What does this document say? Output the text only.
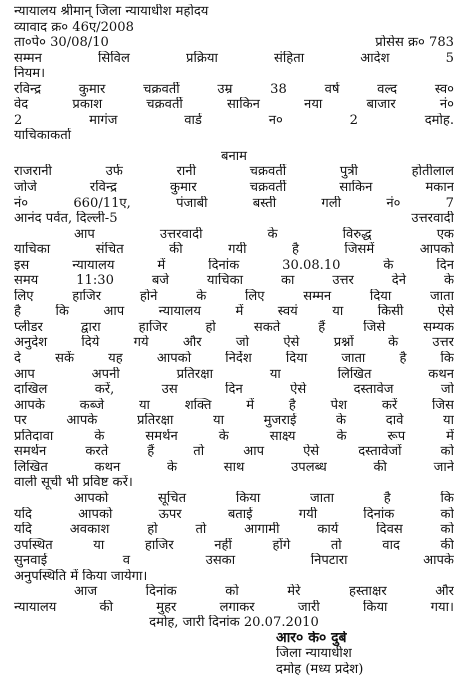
न्यायालय श्रीमान् जिला न्यायाधीश महोदय
व्यावाद क्र० 46ए/2008
ता०पे० 30/08/10	प्रोसेस क्र० 783
सम्मन सिविल प्रक्रिया संहिता आदेश 5
नियम।
रविन्द्र कुमार चक्रवर्ती उम्र 38 वर्ष वल्द स्व०
वेद प्रकाश चक्रवर्ती साकिन नया बाजार नं०
2 मागंज वार्ड न० 2 दमोह.
याचिकाकर्ता
बनाम
राजरानी उर्फ रानी चक्रवर्ती पुत्री होतीलाल
जोजे रविन्द्र कुमार चक्रवर्ती साकिन मकान
नं० 660/11ए, पंजाबी बस्ती गली नं० 7
आनंद पर्वत, दिल्ली-5	उत्तरवादी
आप उत्तरवादी के विरुद्ध एक
याचिका संचित की गयी है जिसमें आपको
इस न्यायालय में दिनांक 30.08.10 के दिन
समय 11:30 बजे याचिका का उत्तर देने के
लिए हाजिर होने के लिए सम्मन दिया जाता
है कि आप न्यायालय में स्वयं या किसी ऐसे
प्लीडर द्वारा हाजिर हो सकते हैं जिसे सम्यक
अनुदेश दिये गये और जो ऐसे प्रश्नों के उत्तर
दे सकें यह आपको निर्देश दिया जाता है कि
आप अपनी प्रतिरक्षा या लिखित कथन
दाखिल करें, उस दिन ऐसे दस्तावेज जो
आपके कब्जे या शक्ति में है पेश करें जिस
पर आपके प्रतिरक्षा या मुजराई के दावे या
प्रतिदावा के समर्थन के साक्ष्य के रूप में
समर्थन करते हैं तो आप ऐसे दस्तावेजों को
लिखित कथन के साथ उपलब्ध की जाने
वाली सूची भी प्रविष्ट करें।
आपको सूचित किया जाता है कि
यदि आपको ऊपर बताई गयी दिनांक को
यदि अवकाश हो तो आगामी कार्य दिवस को
उपस्थित या हाजिर नहीं होंगे तो वाद की
सुनवाई व उसका निपटारा आपके
अनुपस्थिति में किया जायेगा।
आज दिनांक को मेरे हस्ताक्षर और
न्यायालय की मुहर लगाकर जारी किया गया।
दमोह, जारी दिनांक 20.07.2010
आर० के० दुबे
जिला न्यायाधीश
दमोह (मध्य प्रदेश)
